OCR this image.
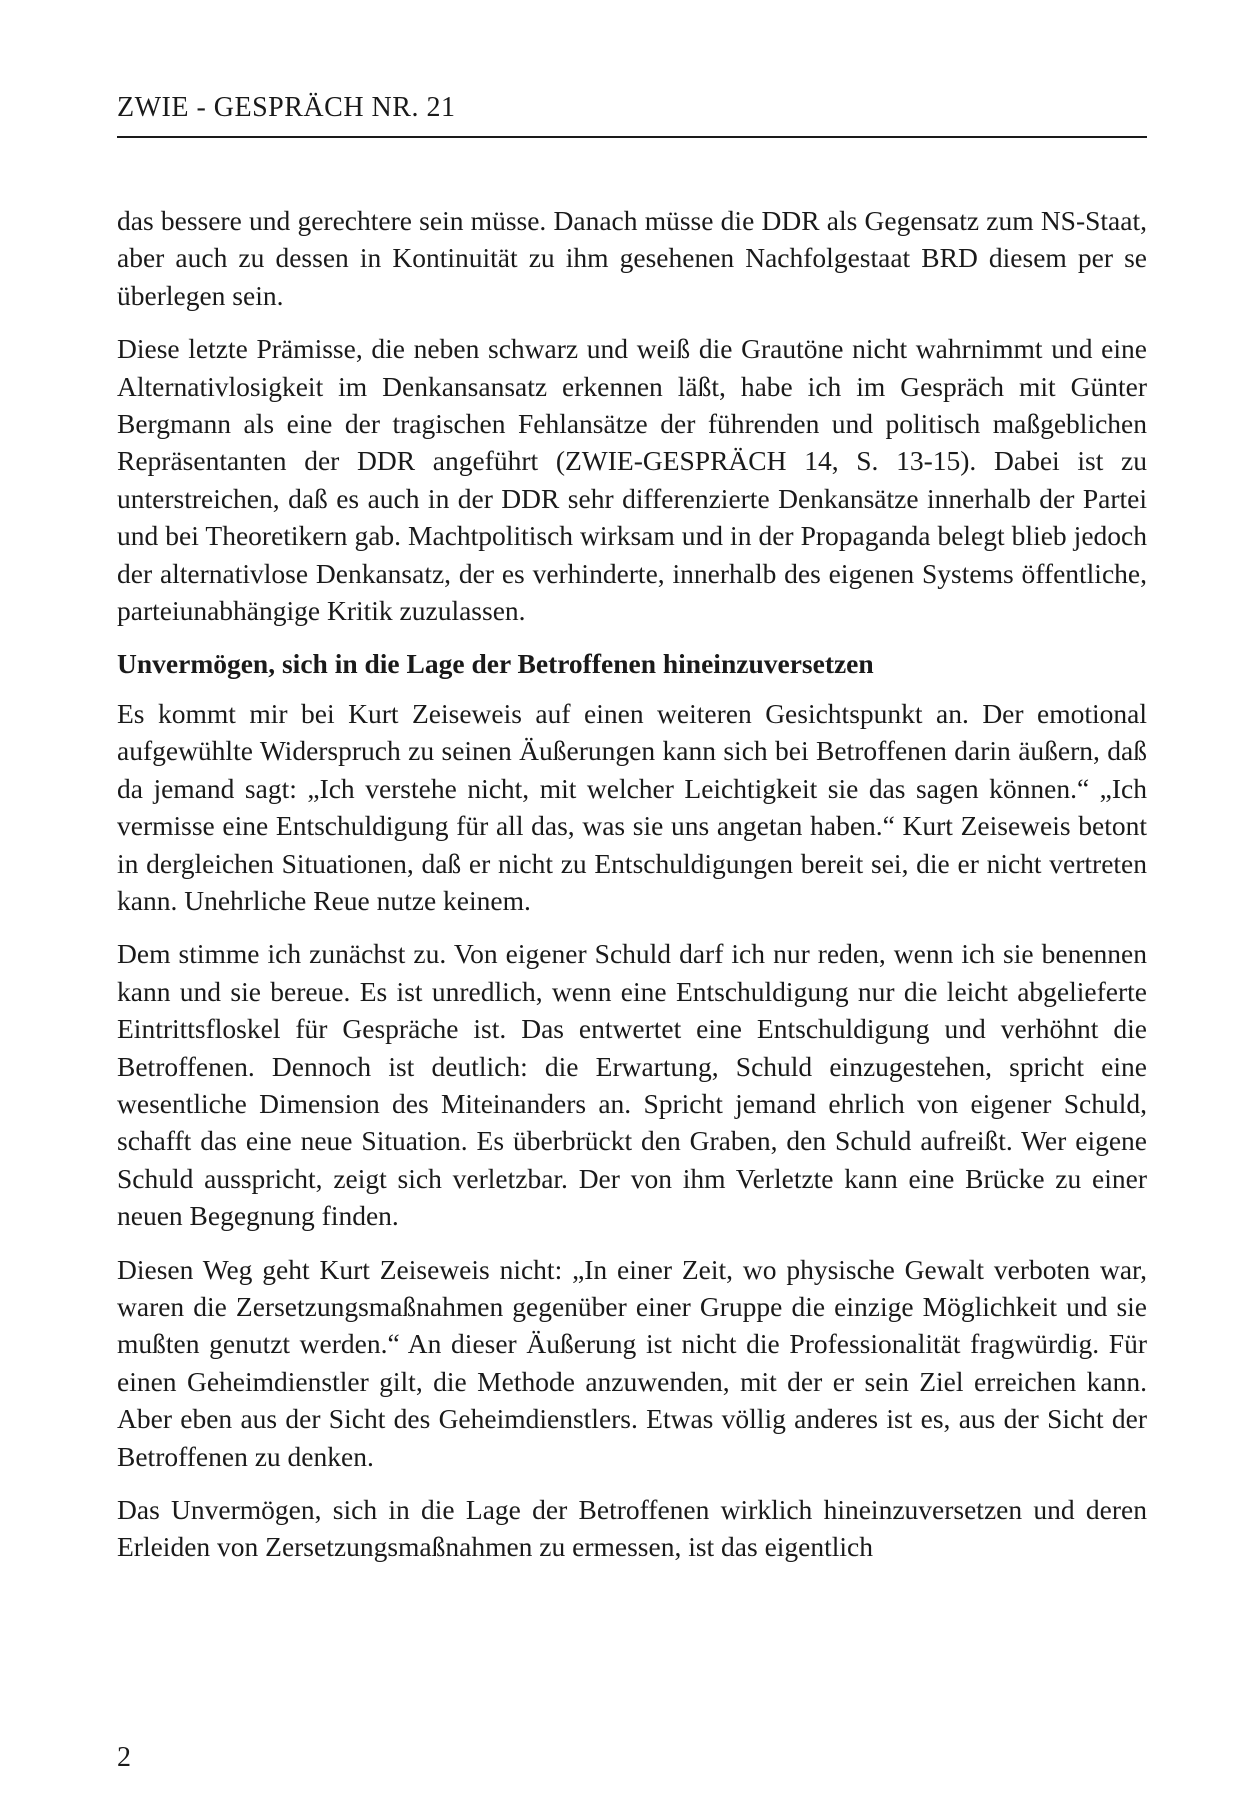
ZWIE - GESPRÄCH NR. 21

das bessere und gerechtere sein müsse. Danach müsse die DDR als Gegensatz zum NS-Staat, aber auch zu dessen in Kontinuität zu ihm gesehenen Nachfolgestaat BRD diesem per se überlegen sein.

Diese letzte Prämisse, die neben schwarz und weiß die Grautöne nicht wahrnimmt und eine Alternativlosigkeit im Denkansansatz erkennen läßt, habe ich im Gespräch mit Günter Bergmann als eine der tragischen Fehlansätze der führenden und politisch maßgeblichen Repräsentanten der DDR angeführt (ZWIE-GESPRÄCH 14, S. 13-15). Dabei ist zu unterstreichen, daß es auch in der DDR sehr differenzierte Denkansätze innerhalb der Partei und bei Theoretikern gab. Machtpolitisch wirksam und in der Propaganda belegt blieb jedoch der alternativlose Denkansatz, der es verhinderte, innerhalb des eigenen Systems öffentliche, parteiunabhängige Kritik zuzulassen.

Unvermögen, sich in die Lage der Betroffenen hineinzuversetzen

Es kommt mir bei Kurt Zeiseweis auf einen weiteren Gesichtspunkt an. Der emotional aufgewühlte Widerspruch zu seinen Äußerungen kann sich bei Betroffenen darin äußern, daß da jemand sagt: „Ich verstehe nicht, mit welcher Leichtigkeit sie das sagen können.“ „Ich vermisse eine Entschuldigung für all das, was sie uns angetan haben.“ Kurt Zeiseweis betont in dergleichen Situationen, daß er nicht zu Entschuldigungen bereit sei, die er nicht vertreten kann. Unehrliche Reue nutze keinem.

Dem stimme ich zunächst zu. Von eigener Schuld darf ich nur reden, wenn ich sie benennen kann und sie bereue. Es ist unredlich, wenn eine Entschuldigung nur die leicht abgelieferte Eintrittsfloskel für Gespräche ist. Das entwertet eine Entschuldigung und verhöhnt die Betroffenen. Dennoch ist deutlich: die Erwartung, Schuld einzugestehen, spricht eine wesentliche Dimension des Miteinanders an. Spricht jemand ehrlich von eigener Schuld, schafft das eine neue Situation. Es überbrückt den Graben, den Schuld aufreißt. Wer eigene Schuld ausspricht, zeigt sich verletzbar. Der von ihm Verletzte kann eine Brücke zu einer neuen Begegnung finden.

Diesen Weg geht Kurt Zeiseweis nicht: „In einer Zeit, wo physische Gewalt verboten war, waren die Zersetzungsmaßnahmen gegenüber einer Gruppe die einzige Möglichkeit und sie mußten genutzt werden.“ An dieser Äußerung ist nicht die Professionalität fragwürdig. Für einen Geheimdienstler gilt, die Methode anzuwenden, mit der er sein Ziel erreichen kann. Aber eben aus der Sicht des Geheimdienstlers. Etwas völlig anderes ist es, aus der Sicht der Betroffenen zu denken.

Das Unvermögen, sich in die Lage der Betroffenen wirklich hineinzuversetzen und deren Erleiden von Zersetzungsmaßnahmen zu ermessen, ist das eigentlich

2
